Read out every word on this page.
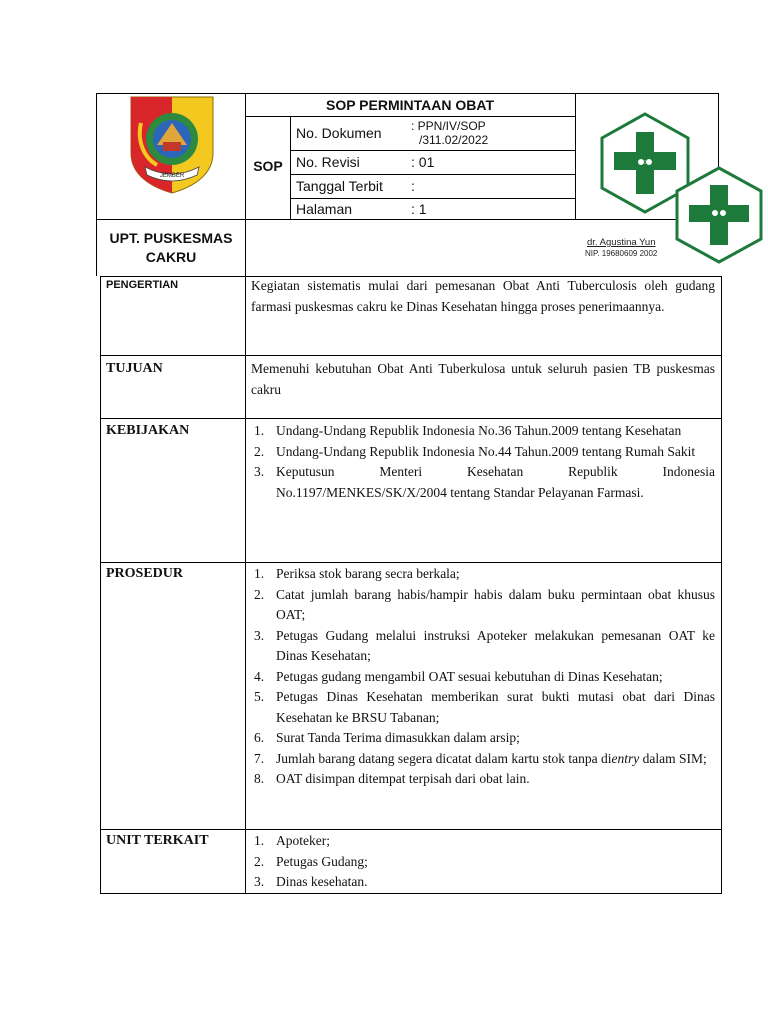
SOP PERMINTAAN OBAT
SOP
No. Dokumen : PPN/IV/SOP
/311.02/2022
No. Revisi	: 01
Tanggal Terbit :
Halaman	: 1
UPT. PUSKESMAS
CAKRU
dr. Agustina Yun
NIP. 19680609 2002
JEMBER
PENGERTIAN	Kegiatan sistematis mulai dari pemesanan Obat Anti Tuberculosis oleh gudang farmasi puskesmas cakru ke Dinas Kesehatan hingga proses penerimaannya.
TUJUAN	Memenuhi kebutuhan Obat Anti Tuberkulosa untuk seluruh pasien TB puskesmas cakru
KEBIJAKAN	1. Undang-Undang Republik Indonesia No.36 Tahun.2009 tentang Kesehatan
2. Undang-Undang Republik Indonesia No.44 Tahun.2009 tentang Rumah Sakit
3. Keputusun Menteri Kesehatan Republik Indonesia No.1197/MENKES/SK/X/2004 tentang Standar Pelayanan Farmasi.
PROSEDUR	1. Periksa stok barang secra berkala;
2. Catat jumlah barang habis/hampir habis dalam buku permintaan obat khusus OAT;
3. Petugas Gudang melalui instruksi Apoteker melakukan pemesanan OAT ke Dinas Kesehatan;
4. Petugas gudang mengambil OAT sesuai kebutuhan di Dinas Kesehatan;
5. Petugas Dinas Kesehatan memberikan surat bukti mutasi obat dari Dinas Kesehatan ke BRSU Tabanan;
6. Surat Tanda Terima dimasukkan dalam arsip;
7. Jumlah barang datang segera dicatat dalam kartu stok tanpa dientry dalam SIM;
8. OAT disimpan ditempat terpisah dari obat lain.
UNIT TERKAIT	1. Apoteker;
2. Petugas Gudang;
3. Dinas kesehatan.
